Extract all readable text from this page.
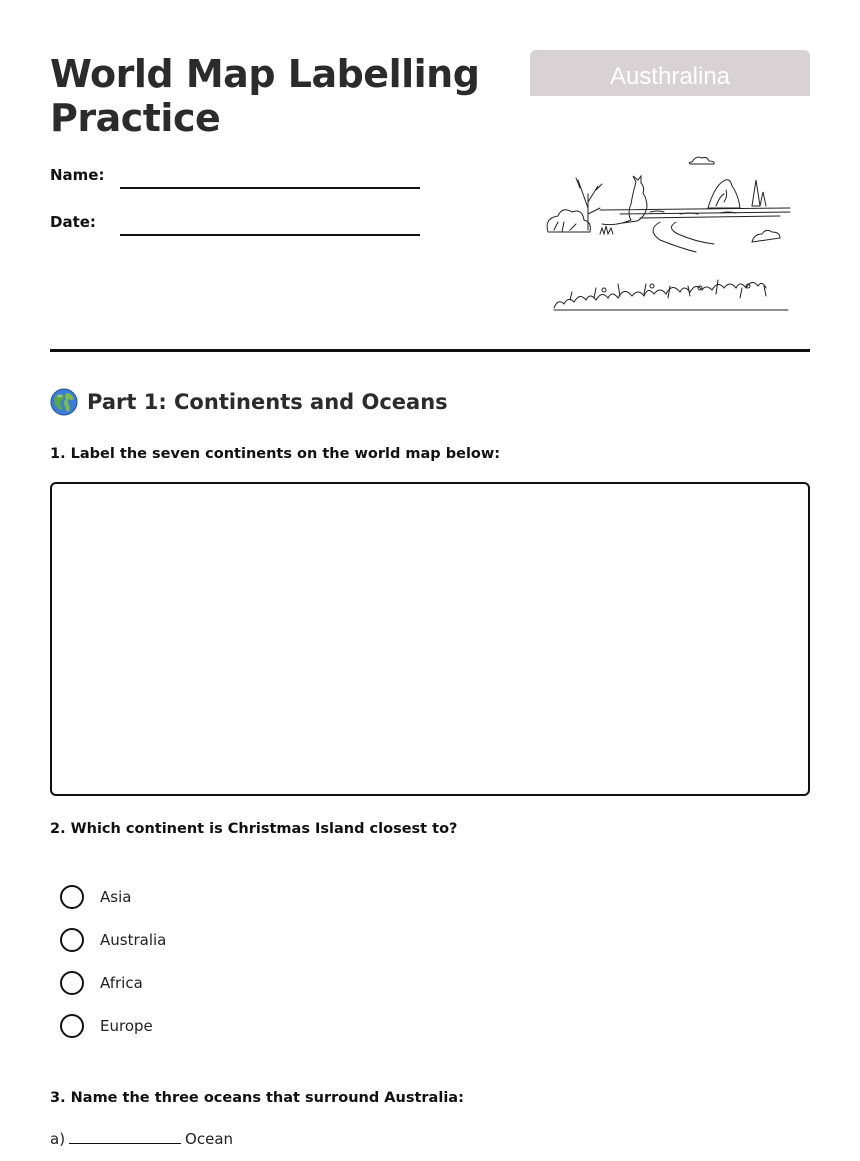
World Map Labelling
Practice
Name:
Date:
Austhralina
Part 1: Continents and Oceans
1. Label the seven continents on the world map below:
2. Which continent is Christmas Island closest to?
Asia
Australia
Africa
Europe
3. Name the three oceans that surround Australia:
a)	Ocean
